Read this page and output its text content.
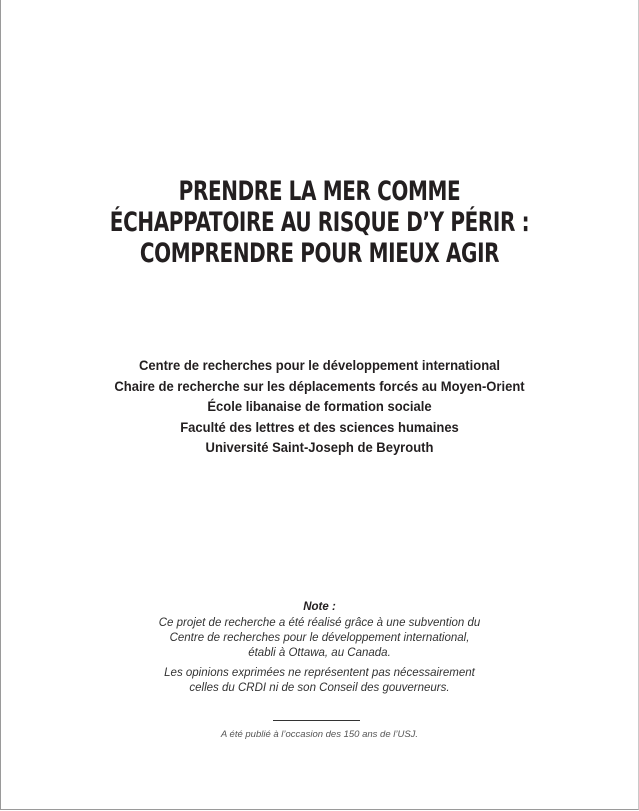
PRENDRE LA MER COMME
ÉCHAPPATOIRE AU RISQUE D’Y PÉRIR :
COMPRENDRE POUR MIEUX AGIR
Centre de recherches pour le développement international
Chaire de recherche sur les déplacements forcés au Moyen-Orient
École libanaise de formation sociale
Faculté des lettres et des sciences humaines
Université Saint-Joseph de Beyrouth
Note :
Ce projet de recherche a été réalisé grâce à une subvention du
Centre de recherches pour le développement international,
établi à Ottawa, au Canada.
Les opinions exprimées ne représentent pas nécessairement
celles du CRDI ni de son Conseil des gouverneurs.
A été publié à l’occasion des 150 ans de l’USJ.
